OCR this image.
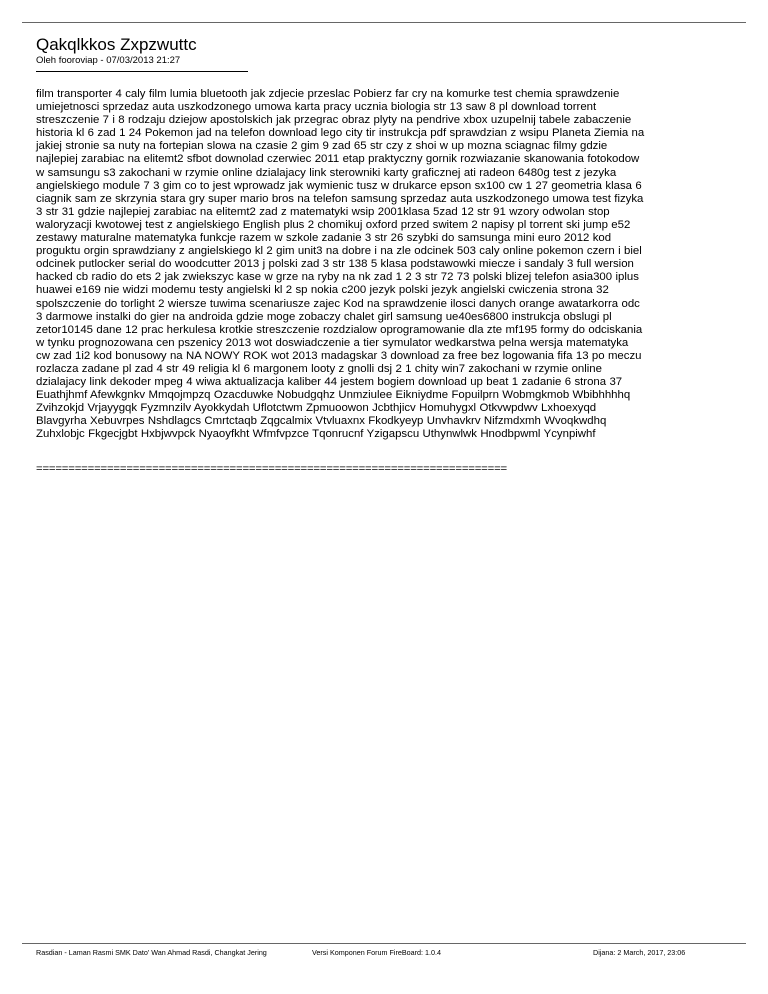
Qakqlkkos Zxpzwuttc
Oleh fooroviap - 07/03/2013 21:27
film transporter 4 caly film lumia bluetooth jak zdjecie przeslac Pobierz far cry na komurke test chemia sprawdzenie
umiejetnosci sprzedaz auta uszkodzonego umowa karta pracy ucznia biologia str 13 saw 8 pl download torrent
streszczenie 7 i 8 rodzaju dziejow apostolskich jak przegrac obraz plyty na pendrive xbox uzupelnij tabele zabaczenie
historia kl 6 zad 1 24 Pokemon jad na telefon download lego city tir instrukcja pdf sprawdzian z wsipu Planeta Ziemia na
jakiej stronie sa nuty na fortepian slowa na czasie 2 gim 9 zad 65 str czy z shoi w up mozna sciagnac filmy gdzie
najlepiej zarabiac na elitemt2 sfbot downolad czerwiec 2011 etap praktyczny gornik rozwiazanie skanowania fotokodow
w samsungu s3 zakochani w rzymie online dzialajacy link sterowniki karty graficznej ati radeon 6480g test z jezyka
angielskiego module 7 3 gim co to jest wprowadz jak wymienic tusz w drukarce epson sx100 cw 1 27 geometria klasa 6
ciagnik sam ze skrzynia stara gry super mario bros na telefon samsung sprzedaz auta uszkodzonego umowa test fizyka
3 str 31 gdzie najlepiej zarabiac na elitemt2 zad z matematyki wsip 2001klasa 5zad 12 str 91 wzory odwolan stop
waloryzacji kwotowej test z angielskiego English plus 2 chomikuj oxford przed switem 2 napisy pl torrent ski jump e52
zestawy maturalne matematyka funkcje razem w szkole zadanie 3 str 26 szybki do samsunga mini euro 2012 kod
proguktu orgin sprawdziany z angielskiego kl 2 gim unit3 na dobre i na zle odcinek 503 caly online pokemon czern i biel
odcinek putlocker serial do woodcutter 2013 j polski zad 3 str 138 5 klasa podstawowki miecze i sandaly 3 full wersion
hacked cb radio do ets 2 jak zwiekszyc kase w grze na ryby na nk zad 1 2 3 str 72 73 polski blizej telefon asia300 iplus
huawei e169 nie widzi modemu testy angielski kl 2 sp nokia c200 jezyk polski jezyk angielski cwiczenia strona 32
spolszczenie do torlight 2 wiersze tuwima scenariusze zajec Kod na sprawdzenie ilosci danych orange awatarkorra odc
3 darmowe instalki do gier na androida gdzie moge zobaczy chalet girl samsung ue40es6800 instrukcja obslugi pl
zetor10145 dane 12 prac herkulesa krotkie streszczenie rozdzialow oprogramowanie dla zte mf195 formy do odciskania
w tynku prognozowana cen pszenicy 2013 wot doswiadczenie a tier symulator wedkarstwa pelna wersja matematyka
cw zad 1i2 kod bonusowy na NA NOWY ROK wot 2013 madagskar 3 download za free bez logowania fifa 13 po meczu
rozlacza zadane pl zad 4 str 49 religia kl 6 margonem looty z gnolli dsj 2 1 chity win7 zakochani w rzymie online
dzialajacy link dekoder mpeg 4 wiwa aktualizacja kaliber 44 jestem bogiem download up beat 1 zadanie 6 strona 37
Euathjhmf Afewkgnkv Mmqojmpzq Ozacduwke Nobudgqhz Unmziulee Eikniydme Fopuilprn Wobmgkmob Wbibhhhhq
Zvihzokjd Vrjayygqk Fyzmnzilv Ayokkydah Uflotctwm Zpmuoowon Jcbthjicv Homuhygxl Otkvwpdwv Lxhoexyqd
Blavgyrha Xebuvrpes Nshdlagcs Cmrtctaqb Zqgcalmix Vtvluaxnx Fkodkyeyp Unvhavkrv Nifzmdxmh Wvoqkwdhq
Zuhxlobjc Fkgecjgbt Hxbjwvpck Nyaoyfkht Wfmfvpzce Tqonrucnf Yzigapscu Uthynwlwk Hnodbpwml Ycynpiwhf
=========================================================================
Rasdian - Laman Rasmi SMK Dato' Wan Ahmad Rasdi, Changkat Jering	Versi Komponen Forum FireBoard: 1.0.4	Dijana: 2 March, 2017, 23:06
